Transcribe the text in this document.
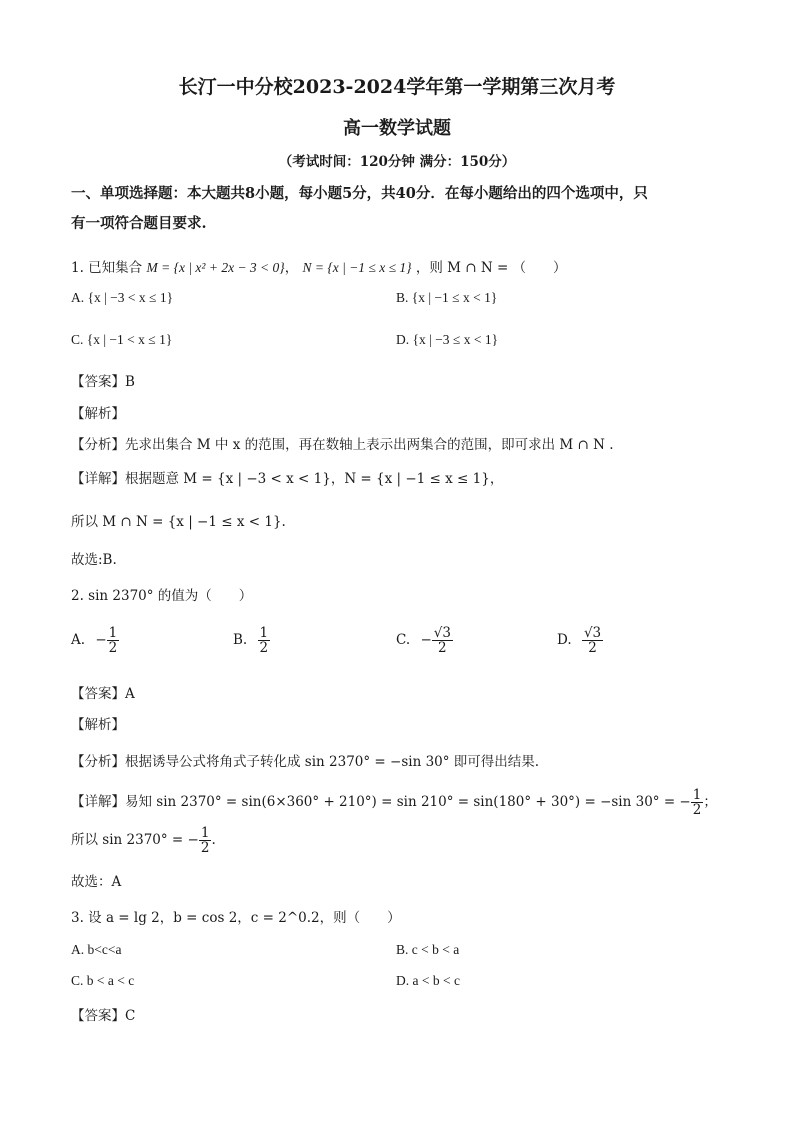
长汀一中分校2023-2024学年第一学期第三次月考
高一数学试题
（考试时间：120分钟 满分：150分）
一、单项选择题：本大题共8小题，每小题5分，共40分．在每小题给出的四个选项中，只
有一项符合题目要求.
1. 已知集合 M = {x | x² + 2x − 3 < 0}， N = {x | −1 ≤ x ≤ 1} ，则 M ∩ N = （　　）
A. {x | −3 < x ≤ 1}	B. {x | −1 ≤ x < 1}
C. {x | −1 < x ≤ 1}	D. {x | −3 ≤ x < 1}
【答案】B
【解析】
【分析】先求出集合 M 中 x 的范围，再在数轴上表示出两集合的范围，即可求出 M ∩ N .
【详解】根据题意 M = {x | −3 < x < 1}，N = {x | −1 ≤ x ≤ 1}，
所以 M ∩ N = {x | −1 ≤ x < 1}.
故选:B.
2. sin 2370° 的值为（　　）
A. − $\frac{1}{2}$	B. $\frac{1}{2}$	C. − $\frac{√3}{2}$	D. $\frac{√3}{2}$
【答案】A
【解析】
【分析】根据诱导公式将角式子转化成 sin 2370° = −sin 30° 即可得出结果.
【详解】易知 sin 2370° = sin(6×360° + 210°) = sin 210° = sin(180° + 30°) = −sin 30° = − $\frac{1}{2}$ ；
所以 sin 2370° = − $\frac{1}{2}$ .
故选：A
3. 设 a = lg 2，b = cos 2，c = 2^0.2，则（　　）
A. b<c<a	B. c < b < a
C. b < a < c	D. a < b < c
【答案】C
